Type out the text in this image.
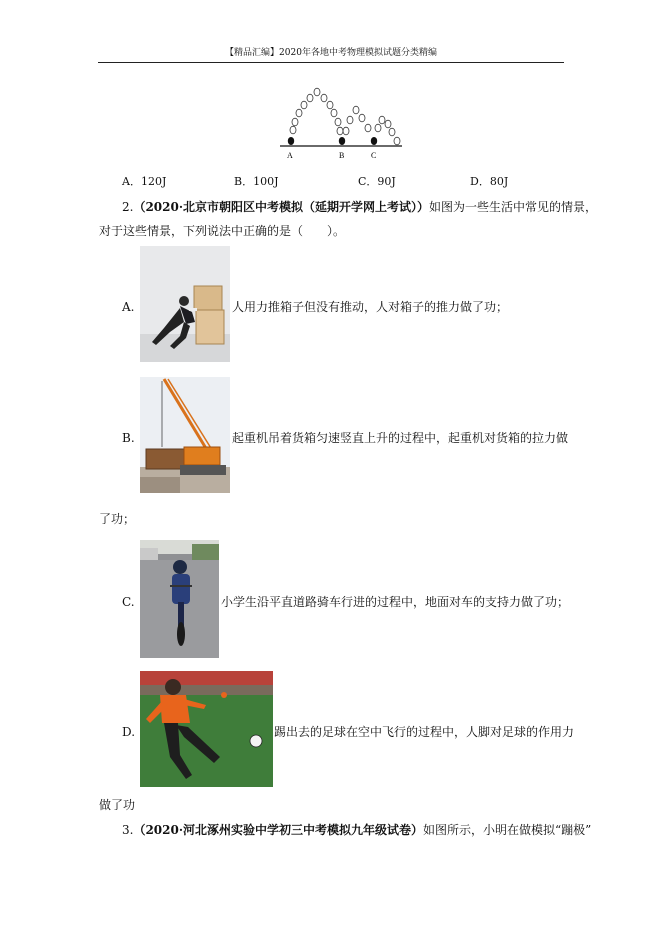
【精品汇编】2020年各地中考物理模拟试题分类精编
A	B	C
A．120J	B．100J	C．90J	D．80J
2.（2020·北京市朝阳区中考模拟（延期开学网上考试））如图为一些生活中常见的情景，
对于这些情景，下列说法中正确的是（　　）。
A.	人用力推箱子但没有推动，人对箱子的推力做了功；
B.	起重机吊着货箱匀速竖直上升的过程中，起重机对货箱的拉力做
了功；
C.	小学生沿平直道路骑车行进的过程中，地面对车的支持力做了功；
D.	踢出去的足球在空中飞行的过程中，人脚对足球的作用力
做了功
3.（2020·河北涿州实验中学初三中考模拟九年级试卷）如图所示，小明在做模拟“蹦极”
